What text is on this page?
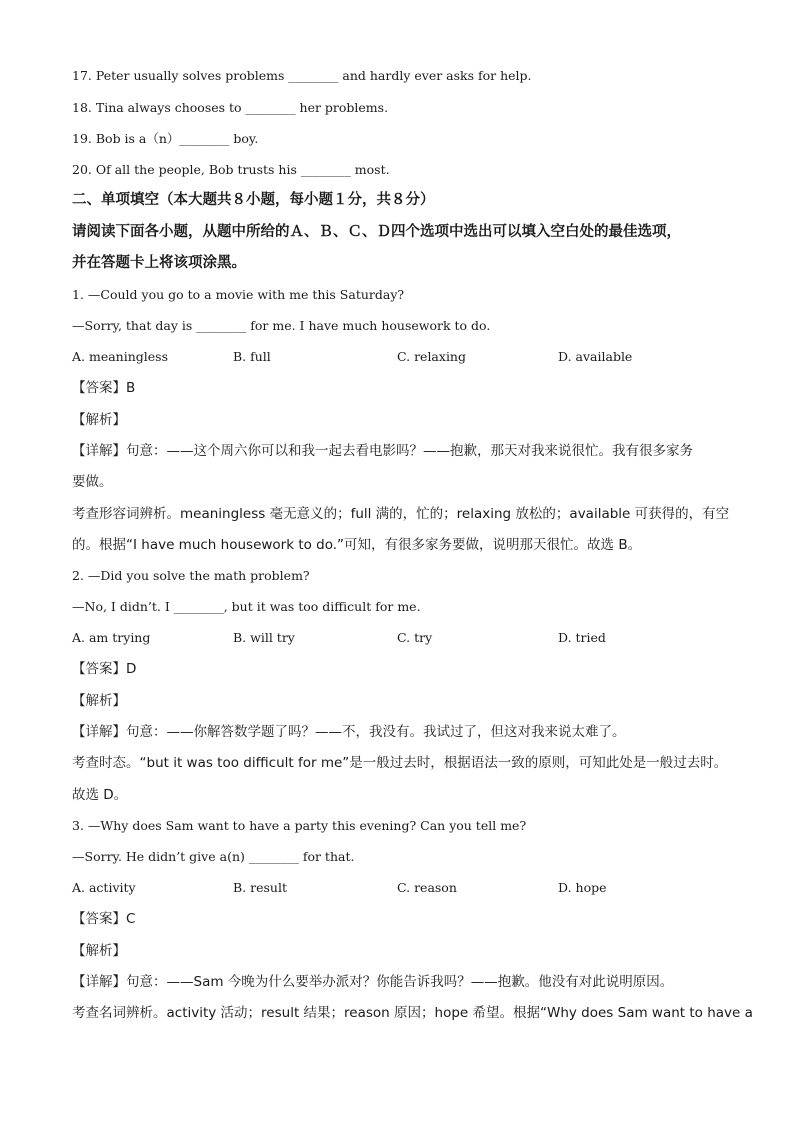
17. Peter usually solves problems ________ and hardly ever asks for help.
18. Tina always chooses to ________ her problems.
19. Bob is a（n）________ boy.
20. Of all the people, Bob trusts his ________ most.
二、单项填空（本大题共８小题，每小题１分，共８分）
请阅读下面各小题，从题中所给的Ａ、Ｂ、Ｃ、Ｄ四个选项中选出可以填入空白处的最佳选项，
并在答题卡上将该项涂黑。
1. —Could you go to a movie with me this Saturday?
—Sorry, that day is ________ for me. I have much housework to do.
A. meaningless	B. full	C. relaxing	D. available
【答案】B
【解析】
【详解】句意：——这个周六你可以和我一起去看电影吗？——抱歉，那天对我来说很忙。我有很多家务
要做。
考查形容词辨析。meaningless 毫无意义的；full 满的，忙的；relaxing 放松的；available 可获得的，有空
的。根据“I have much housework to do.”可知，有很多家务要做，说明那天很忙。故选 B。
2. —Did you solve the math problem?
—No, I didn’t. I ________, but it was too difficult for me.
A. am trying	B. will try	C. try	D. tried
【答案】D
【解析】
【详解】句意：——你解答数学题了吗？——不，我没有。我试过了，但这对我来说太难了。
考查时态。“but it was too difficult for me”是一般过去时，根据语法一致的原则，可知此处是一般过去时。
故选 D。
3. —Why does Sam want to have a party this evening? Can you tell me?
—Sorry. He didn’t give a(n) ________ for that.
A. activity	B. result	C. reason	D. hope
【答案】C
【解析】
【详解】句意：——Sam 今晚为什么要举办派对？你能告诉我吗？——抱歉。他没有对此说明原因。
考查名词辨析。activity 活动；result 结果；reason 原因；hope 希望。根据“Why does Sam want to have a
